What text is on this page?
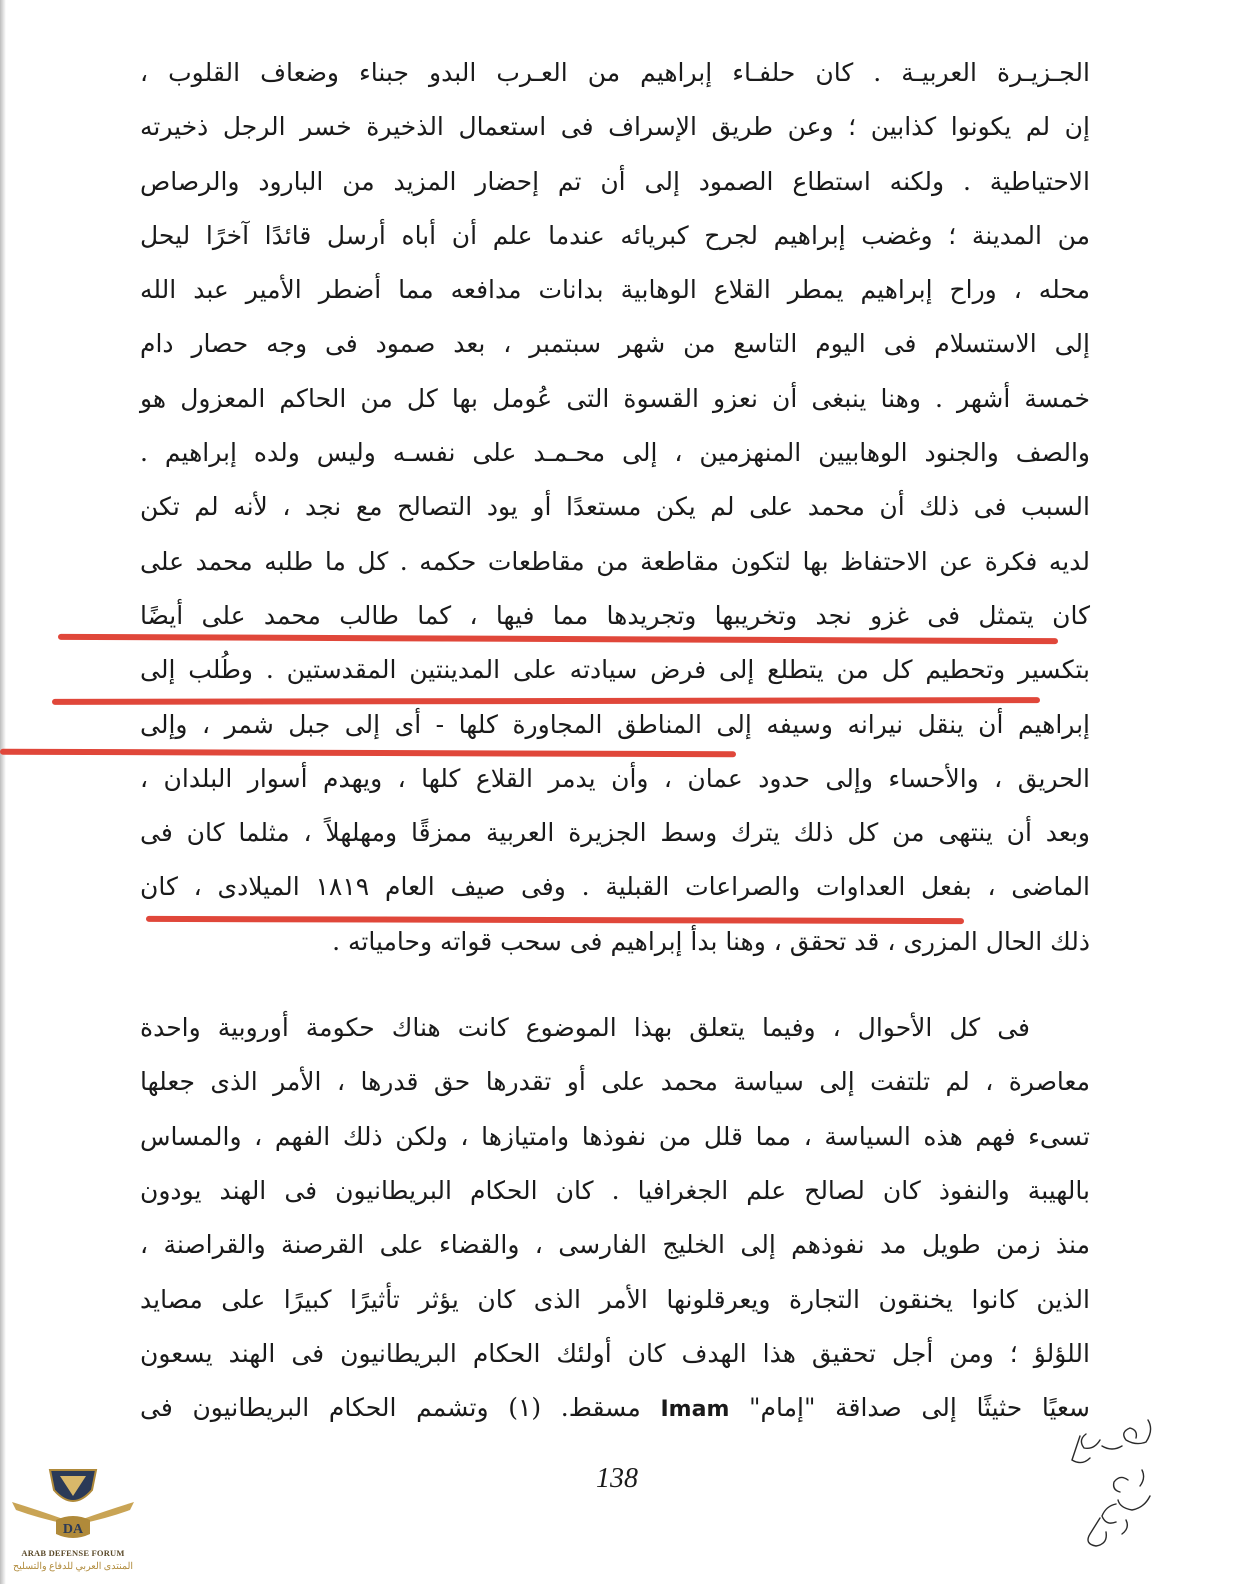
الجـزيـرة العربيـة . كان حلفـاء إبراهيم من العـرب البدو جبناء وضعاف القلوب ،
إن لم يكونوا كذابين ؛ وعن طريق الإسراف فى استعمال الذخيرة خسر الرجل ذخيرته
الاحتياطية . ولكنه استطاع الصمود إلى أن تم إحضار المزيد من البارود والرصاص
من المدينة ؛ وغضب إبراهيم لجرح كبريائه عندما علم أن أباه أرسل قائدًا آخرًا ليحل
محله ، وراح إبراهيم يمطر القلاع الوهابية بدانات مدافعه مما أضطر الأمير عبد الله
إلى الاستسلام فى اليوم التاسع من شهر سبتمبر ، بعد صمود فى وجه حصار دام
خمسة أشهر . وهنا ينبغى أن نعزو القسوة التى عُومل بها كل من الحاكم المعزول هو
والصف والجنود الوهابيين المنهزمين ، إلى محـمـد على نفسـه وليس ولده إبراهيم .
السبب فى ذلك أن محمد على لم يكن مستعدًا أو يود التصالح مع نجد ، لأنه لم تكن
لديه فكرة عن الاحتفاظ بها لتكون مقاطعة من مقاطعات حكمه . كل ما طلبه محمد على
كان يتمثل فى غزو نجد وتخريبها وتجريدها مما فيها ، كما طالب محمد على أيضًا
بتكسير وتحطيم كل من يتطلع إلى فرض سيادته على المدينتين المقدستين . وطُلب إلى
إبراهيم أن ينقل نيرانه وسيفه إلى المناطق المجاورة كلها - أى إلى جبل شمر ، وإلى
الحريق ، والأحساء وإلى حدود عمان ، وأن يدمر القلاع كلها ، ويهدم أسوار البلدان ،
وبعد أن ينتهى من كل ذلك يترك وسط الجزيرة العربية ممزقًا ومهلهلاً ، مثلما كان فى
الماضى ، بفعل العداوات والصراعات القبلية . وفى صيف العام ١٨١٩ الميلادى ، كان
ذلك الحال المزرى ، قد تحقق ، وهنا بدأ إبراهيم فى سحب قواته وحامياته .
فى كل الأحوال ، وفيما يتعلق بهذا الموضوع كانت هناك حكومة أوروبية واحدة
معاصرة ، لم تلتفت إلى سياسة محمد على أو تقدرها حق قدرها ، الأمر الذى جعلها
تسىء فهم هذه السياسة ، مما قلل من نفوذها وامتيازها ، ولكن ذلك الفهم ، والمساس
بالهيبة والنفوذ كان لصالح علم الجغرافيا . كان الحكام البريطانيون فى الهند يودون
منذ زمن طويل مد نفوذهم إلى الخليج الفارسى ، والقضاء على القرصنة والقراصنة ،
الذين كانوا يخنقون التجارة ويعرقلونها الأمر الذى كان يؤثر تأثيرًا كبيرًا على مصايد
اللؤلؤ ؛ ومن أجل تحقيق هذا الهدف كان أولئك الحكام البريطانيون فى الهند يسعون
سعيًا حثيثًا إلى صداقة "إمام" Imam مسقط. (١) وتشمم الحكام البريطانيون فى
138
DA
ARAB DEFENSE FORUM
المنتدى العربي للدفاع والتسليح
